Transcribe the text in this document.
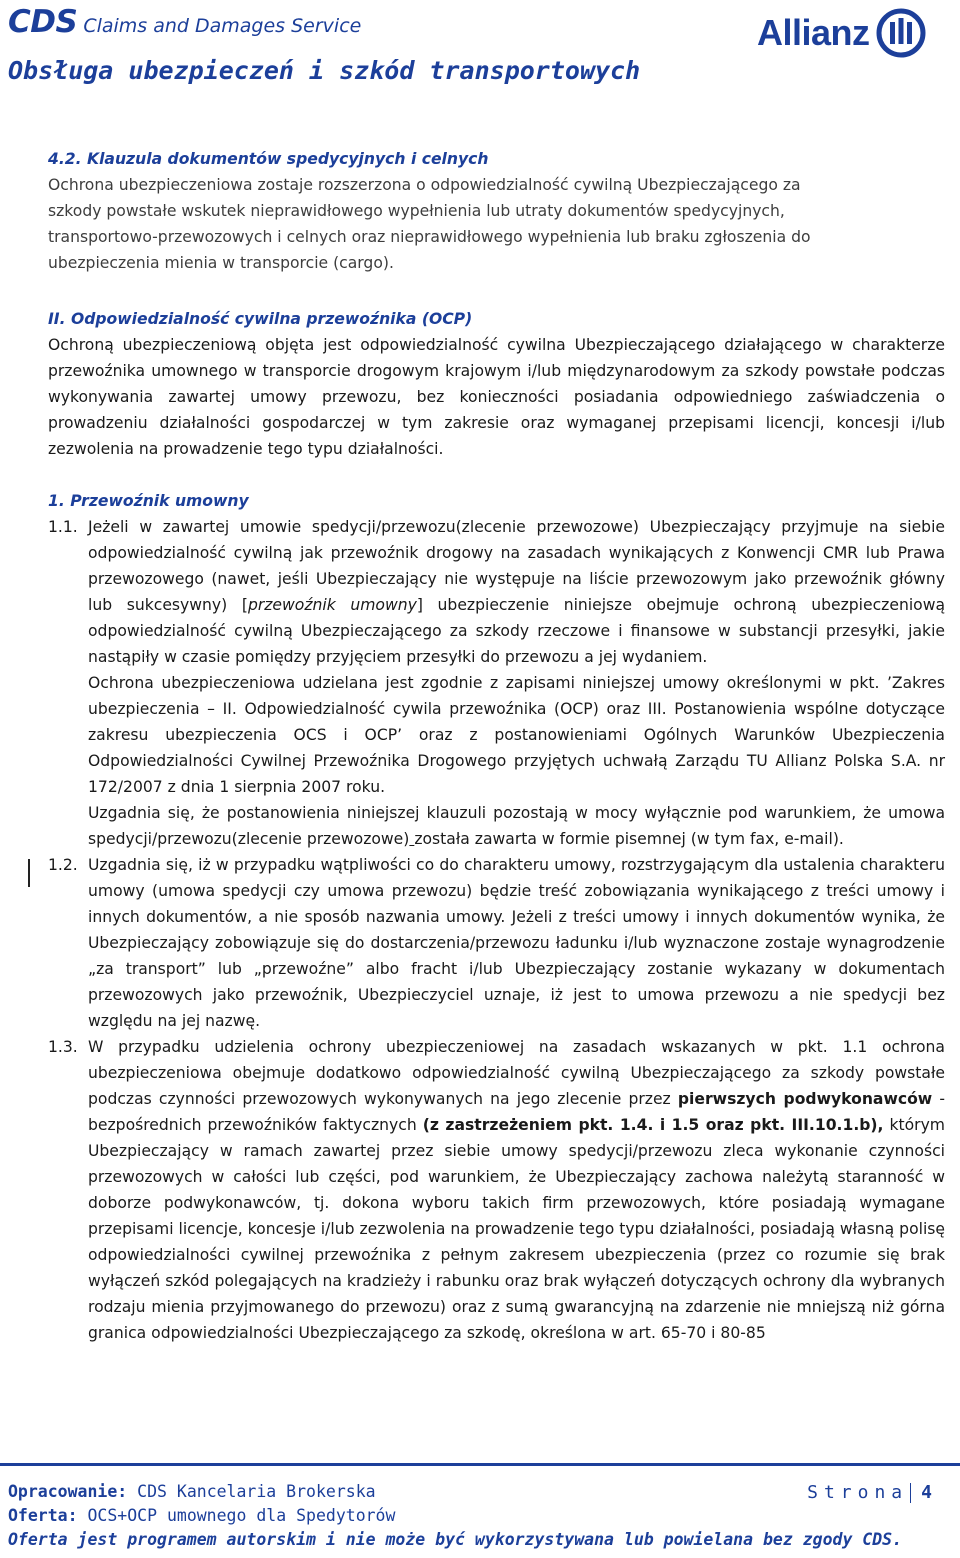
CDS Claims and Damages Service
Obsługa ubezpieczeń i szkód transportowych
Allianz
4.2. Klauzula dokumentów spedycyjnych i celnych
Ochrona ubezpieczeniowa zostaje rozszerzona o odpowiedzialność cywilną Ubezpieczającego za
szkody powstałe wskutek nieprawidłowego wypełnienia lub utraty dokumentów spedycyjnych,
transportowo-przewozowych i celnych oraz nieprawidłowego wypełnienia lub braku zgłoszenia do
ubezpieczenia mienia w transporcie (cargo).
II. Odpowiedzialność cywilna przewoźnika (OCP)
Ochroną ubezpieczeniową objęta jest odpowiedzialność cywilna Ubezpieczającego działającego w charakterze przewoźnika umownego w transporcie drogowym krajowym i/lub międzynarodowym za szkody powstałe podczas wykonywania zawartej umowy przewozu, bez konieczności posiadania odpowiedniego zaświadczenia o prowadzeniu działalności gospodarczej w tym zakresie oraz wymaganej przepisami licencji, koncesji i/lub zezwolenia na prowadzenie tego typu działalności.
1. Przewoźnik umowny
1.1. Jeżeli w zawartej umowie spedycji/przewozu(zlecenie przewozowe) Ubezpieczający przyjmuje na siebie odpowiedzialność cywilną jak przewoźnik drogowy na zasadach wynikających z Konwencji CMR lub Prawa przewozowego (nawet, jeśli Ubezpieczający nie występuje na liście przewozowym jako przewoźnik główny lub sukcesywny) [przewoźnik umowny] ubezpieczenie niniejsze obejmuje ochroną ubezpieczeniową odpowiedzialność cywilną Ubezpieczającego za szkody rzeczowe i finansowe w substancji przesyłki, jakie nastąpiły w czasie pomiędzy przyjęciem przesyłki do przewozu a jej wydaniem.
Ochrona ubezpieczeniowa udzielana jest zgodnie z zapisami niniejszej umowy określonymi w pkt. ’Zakres ubezpieczenia – II. Odpowiedzialność cywila przewoźnika (OCP) oraz III. Postanowienia wspólne dotyczące zakresu ubezpieczenia OCS i OCP’ oraz z postanowieniami Ogólnych Warunków Ubezpieczenia Odpowiedzialności Cywilnej Przewoźnika Drogowego przyjętych uchwałą Zarządu TU Allianz Polska S.A. nr 172/2007 z dnia 1 sierpnia 2007 roku.
Uzgadnia się, że postanowienia niniejszej klauzuli pozostają w mocy wyłącznie pod warunkiem, że umowa spedycji/przewozu(zlecenie przewozowe) została zawarta w formie pisemnej (w tym fax, e-mail).
1.2. Uzgadnia się, iż w przypadku wątpliwości co do charakteru umowy, rozstrzygającym dla ustalenia charakteru umowy (umowa spedycji czy umowa przewozu) będzie treść zobowiązania wynikającego z treści umowy i innych dokumentów, a nie sposób nazwania umowy. Jeżeli z treści umowy i innych dokumentów wynika, że Ubezpieczający zobowiązuje się do dostarczenia/przewozu ładunku i/lub wyznaczone zostaje wynagrodzenie „za transport” lub „przewoźne” albo fracht i/lub Ubezpieczający zostanie wykazany w dokumentach przewozowych jako przewoźnik, Ubezpieczyciel uznaje, iż jest to umowa przewozu a nie spedycji bez względu na jej nazwę.
1.3. W przypadku udzielenia ochrony ubezpieczeniowej na zasadach wskazanych w pkt. 1.1 ochrona ubezpieczeniowa obejmuje dodatkowo odpowiedzialność cywilną Ubezpieczającego za szkody powstałe podczas czynności przewozowych wykonywanych na jego zlecenie przez pierwszych podwykonawców - bezpośrednich przewoźników faktycznych (z zastrzeżeniem pkt. 1.4. i 1.5 oraz pkt. III.10.1.b), którym Ubezpieczający w ramach zawartej przez siebie umowy spedycji/przewozu zleca wykonanie czynności przewozowych w całości lub części, pod warunkiem, że Ubezpieczający zachowa należytą staranność w doborze podwykonawców, tj. dokona wyboru takich firm przewozowych, które posiadają wymagane przepisami licencje, koncesje i/lub zezwolenia na prowadzenie tego typu działalności, posiadają własną polisę odpowiedzialności cywilnej przewoźnika z pełnym zakresem ubezpieczenia (przez co rozumie się brak wyłączeń szkód polegających na kradzieży i rabunku oraz brak wyłączeń dotyczących ochrony dla wybranych rodzaju mienia przyjmowanego do przewozu) oraz z sumą gwarancyjną na zdarzenie nie mniejszą niż górna granica odpowiedzialności Ubezpieczającego za szkodę, określona w art. 65-70 i 80-85
Opracowanie: CDS Kancelaria Brokerska
Oferta: OCS+OCP umownego dla Spedytorów
Oferta jest programem autorskim i nie może być wykorzystywana lub powielana bez zgody CDS.
Strona 4
